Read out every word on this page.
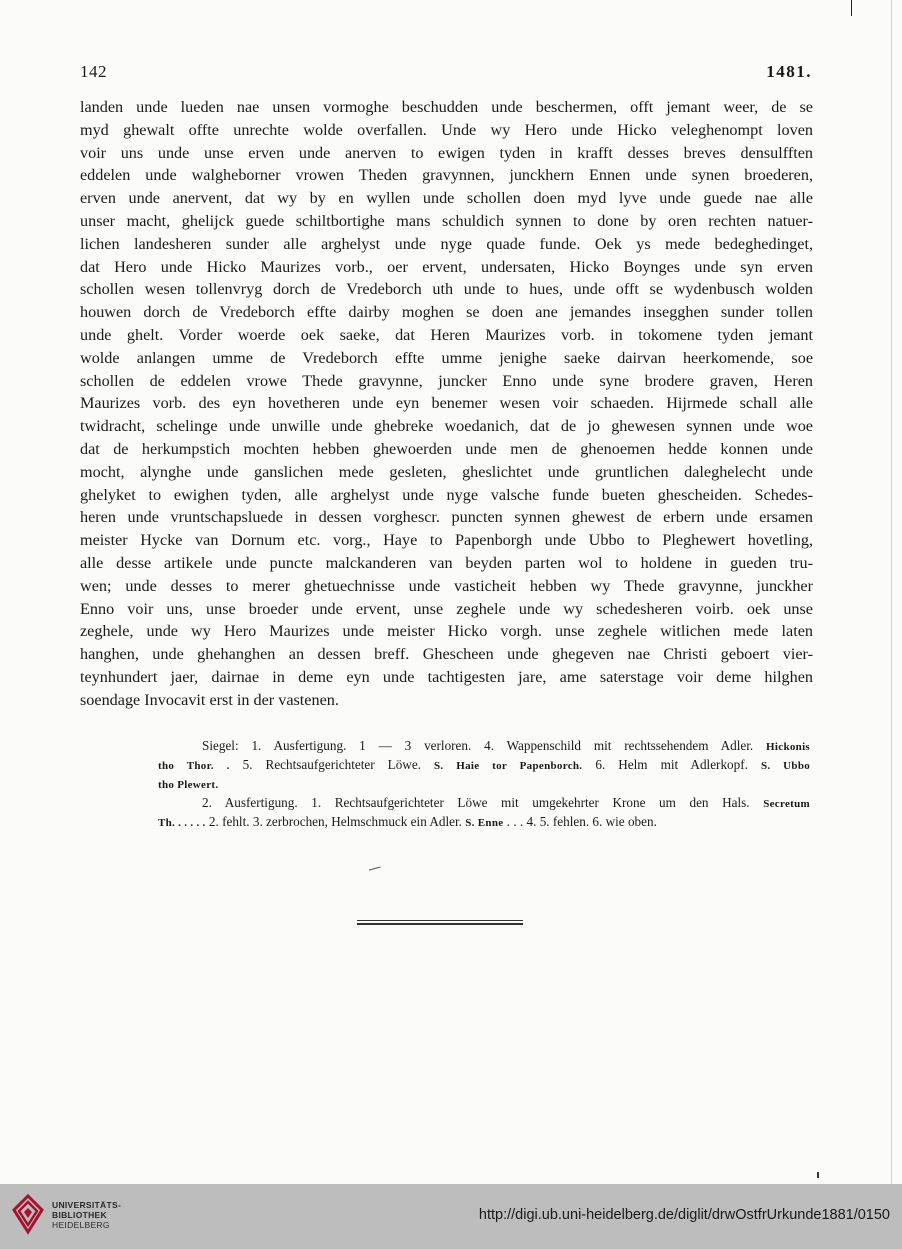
142	1481.
landen unde lueden nae unsen vormoghe beschudden unde beschermen, offt jemant weer, de se
myd ghewalt offte unrechte wolde overfallen. Unde wy Hero unde Hicko veleghenompt loven
voir uns unde unse erven unde anerven to ewigen tyden in krafft desses breves densulfften
eddelen unde walgheborner vrowen Theden gravynnen, junckhern Ennen unde synen broederen,
erven unde anervent, dat wy by en wyllen unde schollen doen myd lyve unde guede nae alle
unser macht, ghelijck guede schiltbortighe mans schuldich synnen to done by oren rechten natuer-
lichen landesheren sunder alle arghelyst unde nyge quade funde. Oek ys mede bedeghedinget,
dat Hero unde Hicko Maurizes vorb., oer ervent, undersaten, Hicko Boynges unde syn erven
schollen wesen tollenvryg dorch de Vredeborch uth unde to hues, unde offt se wydenbusch wolden
houwen dorch de Vredeborch effte dairby moghen se doen ane jemandes insegghen sunder tollen
unde ghelt. Vorder woerde oek saeke, dat Heren Maurizes vorb. in tokomene tyden jemant
wolde anlangen umme de Vredeborch effte umme jenighe saeke dairvan heerkomende, soe
schollen de eddelen vrowe Thede gravynne, juncker Enno unde syne brodere graven, Heren
Maurizes vorb. des eyn hovetheren unde eyn benemer wesen voir schaeden. Hijrmede schall alle
twidracht, schelinge unde unwille unde ghebreke woedanich, dat de jo ghewesen synnen unde woe
dat de herkumpstich mochten hebben ghewoerden unde men de ghenoemen hedde konnen unde
mocht, alynghe unde ganslichen mede gesleten, gheslichtet unde gruntlichen daleghelecht unde
ghelyket to ewighen tyden, alle arghelyst unde nyge valsche funde bueten ghescheiden. Schedes-
heren unde vruntschapsluede in dessen vorghescr. puncten synnen ghewest de erbern unde ersamen
meister Hycke van Dornum etc. vorg., Haye to Papenborgh unde Ubbo to Pleghewert hovetling,
alle desse artikele unde puncte malckanderen van beyden parten wol to holdene in gueden tru-
wen; unde desses to merer ghetuechnisse unde vasticheit hebben wy Thede gravynne, junckher
Enno voir uns, unse broeder unde ervent, unse zeghele unde wy schedesheren voirb. oek unse
zeghele, unde wy Hero Maurizes unde meister Hicko vorgh. unse zeghele witlichen mede laten
hanghen, unde ghehanghen an dessen breff. Ghescheen unde ghegeven nae Christi geboert vier-
teynhundert jaer, dairnae in deme eyn unde tachtigesten jare, ame saterstage voir deme hilghen
soendage Invocavit erst in der vastenen.
Siegel: 1. Ausfertigung. 1 — 3 verloren. 4. Wappenschild mit rechtssehendem Adler. Hickonis
tho Thor. . 5. Rechtsaufgerichteter Löwe. S. Haie tor Papenborch. 6. Helm mit Adlerkopf. S. Ubbo
tho Plewert.
2. Ausfertigung. 1. Rechtsaufgerichteter Löwe mit umgekehrter Krone um den Hals. Secretum
Th. . . . . . 2. fehlt. 3. zerbrochen, Helmschmuck ein Adler. S. Enne . . . 4. 5. fehlen. 6. wie oben.
UNIVERSITÄTS-
BIBLIOTHEK
HEIDELBERG
http://digi.ub.uni-heidelberg.de/diglit/drwOstfrUrkunde1881/0150
